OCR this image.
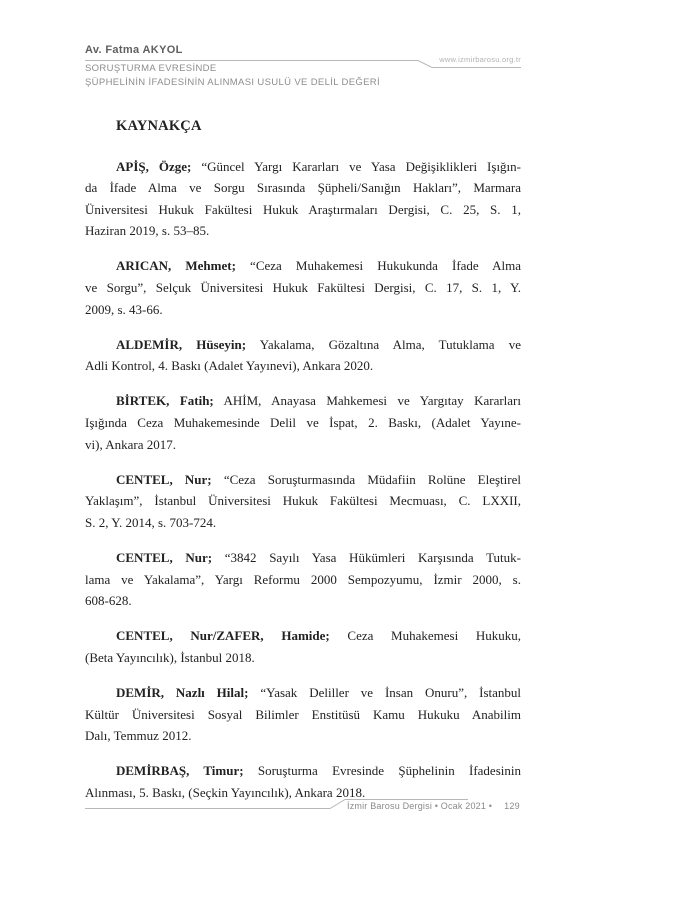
Av. Fatma AKYOL
www.izmirbarosu.org.tr
SORUŞTURMA EVRESİNDE
ŞÜPHELİNİN İFADESİNİN ALINMASI USULÜ VE DELİL DEĞERİ
KAYNAKÇA
APİŞ, Özge; “Güncel Yargı Kararları ve Yasa Değişiklikleri Işığın-
da İfade Alma ve Sorgu Sırasında Şüpheli/Sanığın Hakları”, Marmara
Üniversitesi Hukuk Fakültesi Hukuk Araştırmaları Dergisi, C. 25, S. 1,
Haziran 2019, s. 53–85.
ARICAN, Mehmet; “Ceza Muhakemesi Hukukunda İfade Alma
ve Sorgu”, Selçuk Üniversitesi Hukuk Fakültesi Dergisi, C. 17, S. 1, Y.
2009, s. 43-66.
ALDEMİR, Hüseyin; Yakalama, Gözaltına Alma, Tutuklama ve
Adli Kontrol, 4. Baskı (Adalet Yayınevi), Ankara 2020.
BİRTEK, Fatih; AHİM, Anayasa Mahkemesi ve Yargıtay Kararları
Işığında Ceza Muhakemesinde Delil ve İspat, 2. Baskı, (Adalet Yayıne-
vi), Ankara 2017.
CENTEL, Nur; “Ceza Soruşturmasında Müdafiin Rolüne Eleştirel
Yaklaşım”, İstanbul Üniversitesi Hukuk Fakültesi Mecmuası, C. LXXII,
S. 2, Y. 2014, s. 703-724.
CENTEL, Nur; “3842 Sayılı Yasa Hükümleri Karşısında Tutuk-
lama ve Yakalama”, Yargı Reformu 2000 Sempozyumu, İzmir 2000, s.
608-628.
CENTEL, Nur/ZAFER, Hamide; Ceza Muhakemesi Hukuku,
(Beta Yayıncılık), İstanbul 2018.
DEMİR, Nazlı Hilal; “Yasak Deliller ve İnsan Onuru”, İstanbul
Kültür Üniversitesi Sosyal Bilimler Enstitüsü Kamu Hukuku Anabilim
Dalı, Temmuz 2012.
DEMİRBAŞ, Timur; Soruşturma Evresinde Şüphelinin İfadesinin
Alınması, 5. Baskı, (Seçkin Yayıncılık), Ankara 2018.
İzmir Barosu Dergisi • Ocak 2021 • 129
